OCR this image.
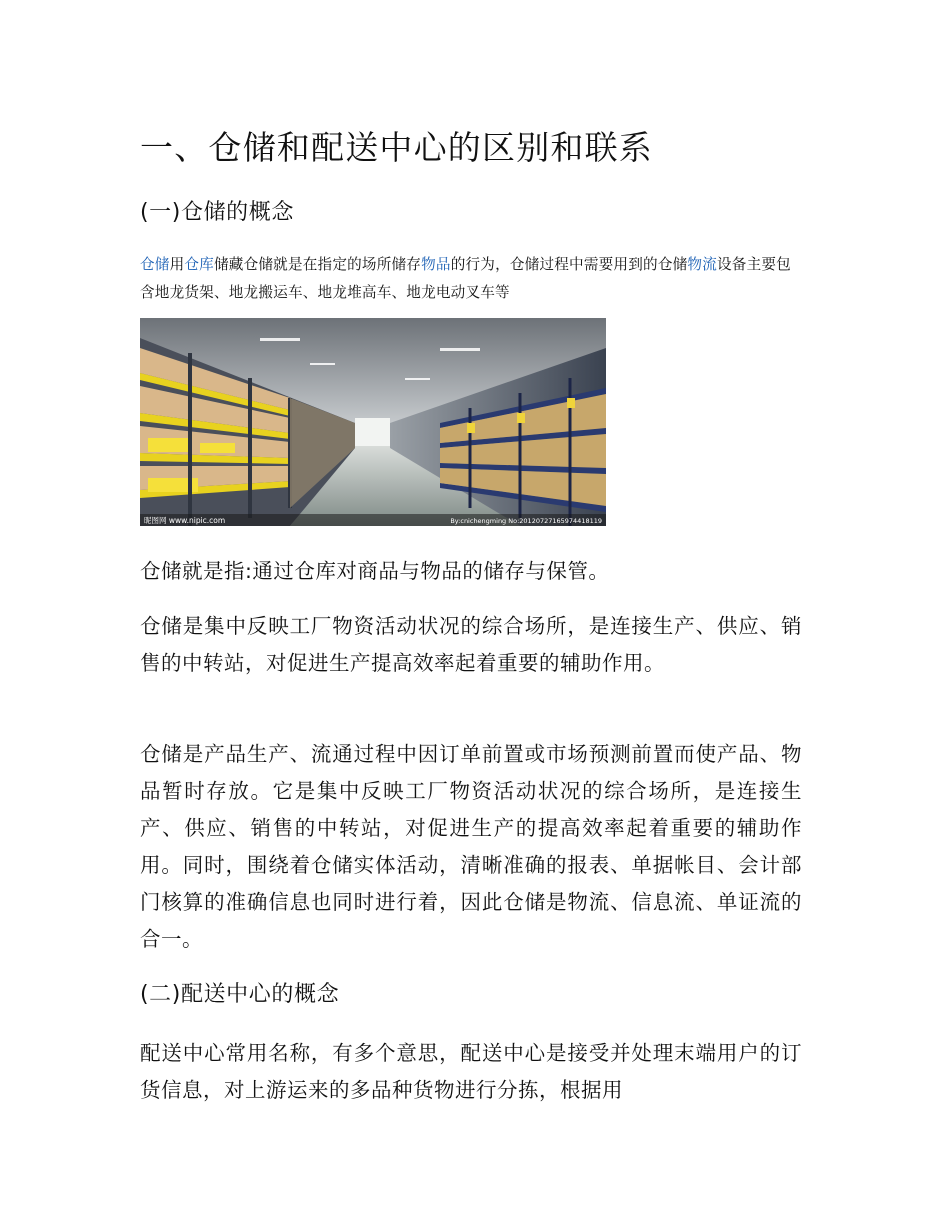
一、仓储和配送中心的区别和联系
(一)仓储的概念

仓储用仓库储藏仓储就是在指定的场所储存物品的行为，仓储过程中需要用到的仓储物流设备主要包含地龙货架、地龙搬运车、地龙堆高车、地龙电动叉车等

昵图网 www.nipic.com	By:cnichengming No:20120727165974418119

仓储就是指:通过仓库对商品与物品的储存与保管。

仓储是集中反映工厂物资活动状况的综合场所，是连接生产、供应、销售的中转站，对促进生产提高效率起着重要的辅助作用。

仓储是产品生产、流通过程中因订单前置或市场预测前置而使产品、物品暂时存放。它是集中反映工厂物资活动状况的综合场所，是连接生产、供应、销售的中转站，对促进生产的提高效率起着重要的辅助作用。同时，围绕着仓储实体活动，清晰准确的报表、单据帐目、会计部门核算的准确信息也同时进行着，因此仓储是物流、信息流、单证流的合一。

(二)配送中心的概念

配送中心常用名称，有多个意思，配送中心是接受并处理末端用户的订货信息，对上游运来的多品种货物进行分拣，根据用
